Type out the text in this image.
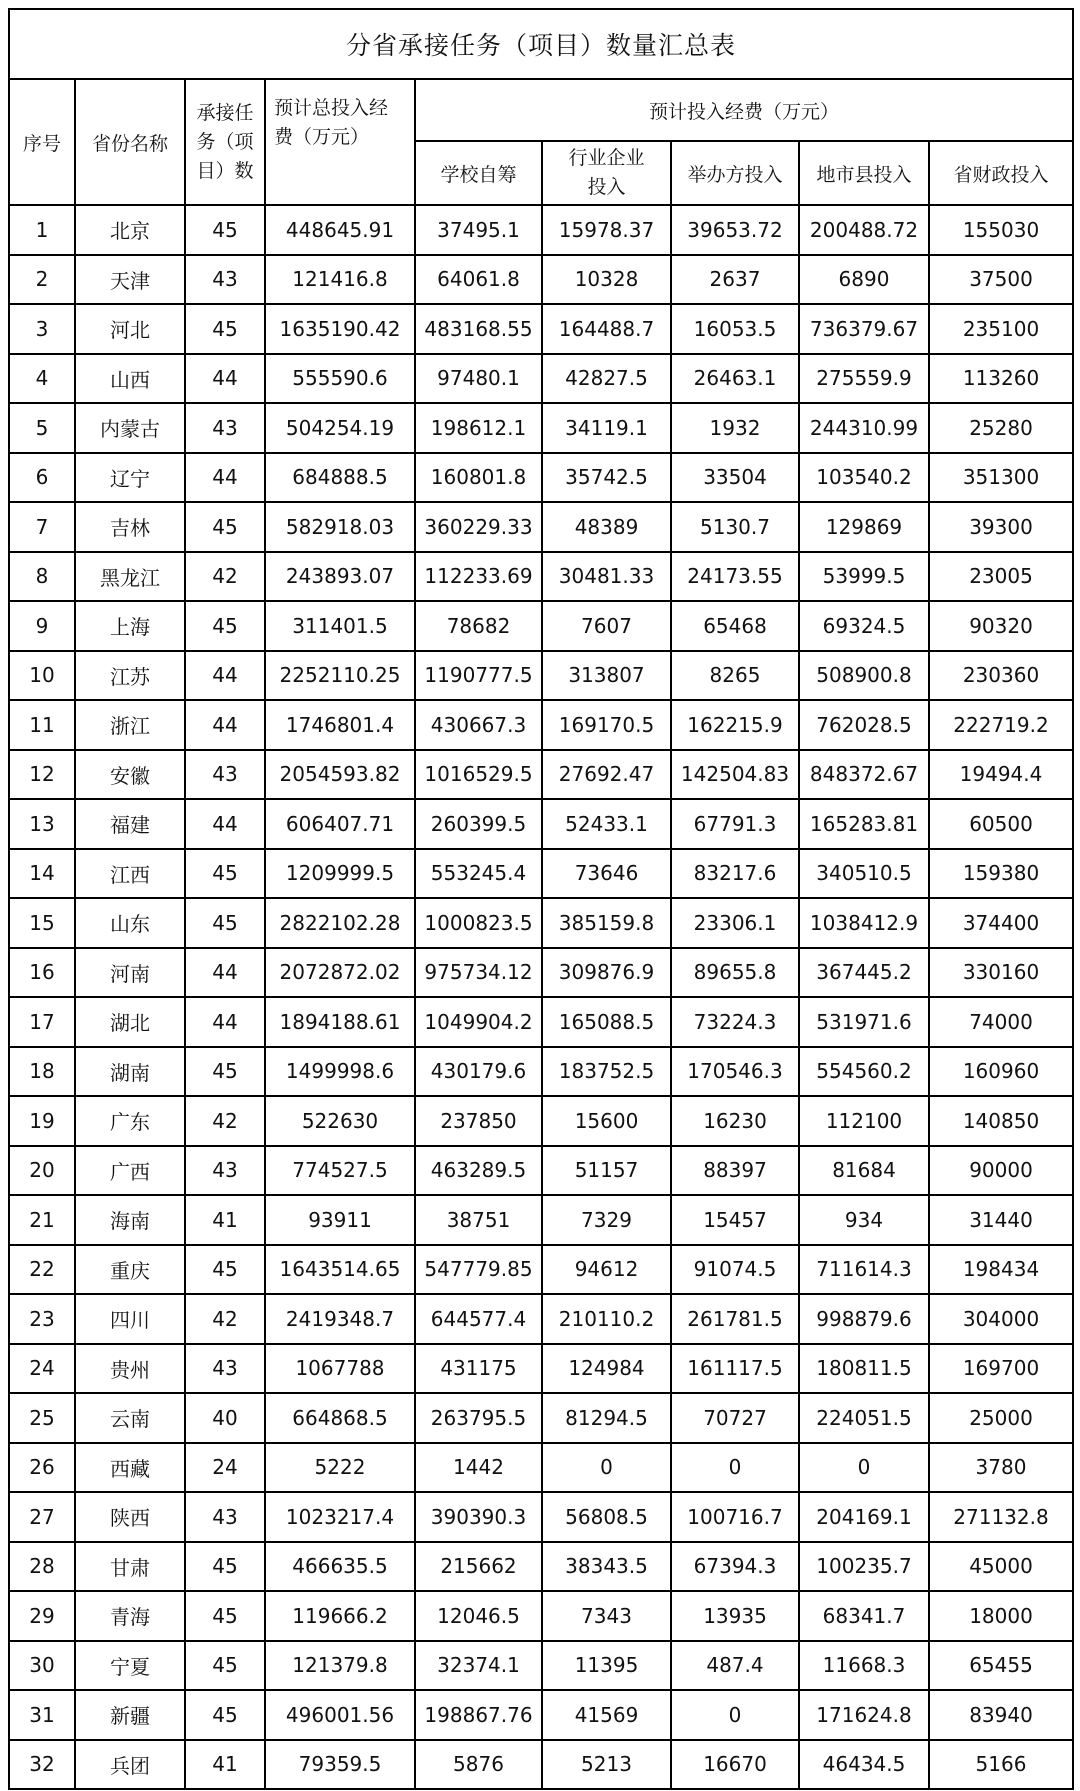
分省承接任务（项目）数量汇总表								
序号	省份名称	承接任务（项目）数	预计总投入经费（万元）	预计投入经费（万元）				
				学校自筹	行业企业投入	举办方投入	地市县投入	省财政投入
1	北京	45	448645.91	37495.1	15978.37	39653.72	200488.72	155030
2	天津	43	121416.8	64061.8	10328	2637	6890	37500
3	河北	45	1635190.42	483168.55	164488.7	16053.5	736379.67	235100
4	山西	44	555590.6	97480.1	42827.5	26463.1	275559.9	113260
5	内蒙古	43	504254.19	198612.1	34119.1	1932	244310.99	25280
6	辽宁	44	684888.5	160801.8	35742.5	33504	103540.2	351300
7	吉林	45	582918.03	360229.33	48389	5130.7	129869	39300
8	黑龙江	42	243893.07	112233.69	30481.33	24173.55	53999.5	23005
9	上海	45	311401.5	78682	7607	65468	69324.5	90320
10	江苏	44	2252110.25	1190777.5	313807	8265	508900.8	230360
11	浙江	44	1746801.4	430667.3	169170.5	162215.9	762028.5	222719.2
12	安徽	43	2054593.82	1016529.5	27692.47	142504.83	848372.67	19494.4
13	福建	44	606407.71	260399.5	52433.1	67791.3	165283.81	60500
14	江西	45	1209999.5	553245.4	73646	83217.6	340510.5	159380
15	山东	45	2822102.28	1000823.5	385159.8	23306.1	1038412.9	374400
16	河南	44	2072872.02	975734.12	309876.9	89655.8	367445.2	330160
17	湖北	44	1894188.61	1049904.2	165088.5	73224.3	531971.6	74000
18	湖南	45	1499998.6	430179.6	183752.5	170546.3	554560.2	160960
19	广东	42	522630	237850	15600	16230	112100	140850
20	广西	43	774527.5	463289.5	51157	88397	81684	90000
21	海南	41	93911	38751	7329	15457	934	31440
22	重庆	45	1643514.65	547779.85	94612	91074.5	711614.3	198434
23	四川	42	2419348.7	644577.4	210110.2	261781.5	998879.6	304000
24	贵州	43	1067788	431175	124984	161117.5	180811.5	169700
25	云南	40	664868.5	263795.5	81294.5	70727	224051.5	25000
26	西藏	24	5222	1442	0	0	0	3780
27	陕西	43	1023217.4	390390.3	56808.5	100716.7	204169.1	271132.8
28	甘肃	45	466635.5	215662	38343.5	67394.3	100235.7	45000
29	青海	45	119666.2	12046.5	7343	13935	68341.7	18000
30	宁夏	45	121379.8	32374.1	11395	487.4	11668.3	65455
31	新疆	45	496001.56	198867.76	41569	0	171624.8	83940
32	兵团	41	79359.5	5876	5213	16670	46434.5	5166
